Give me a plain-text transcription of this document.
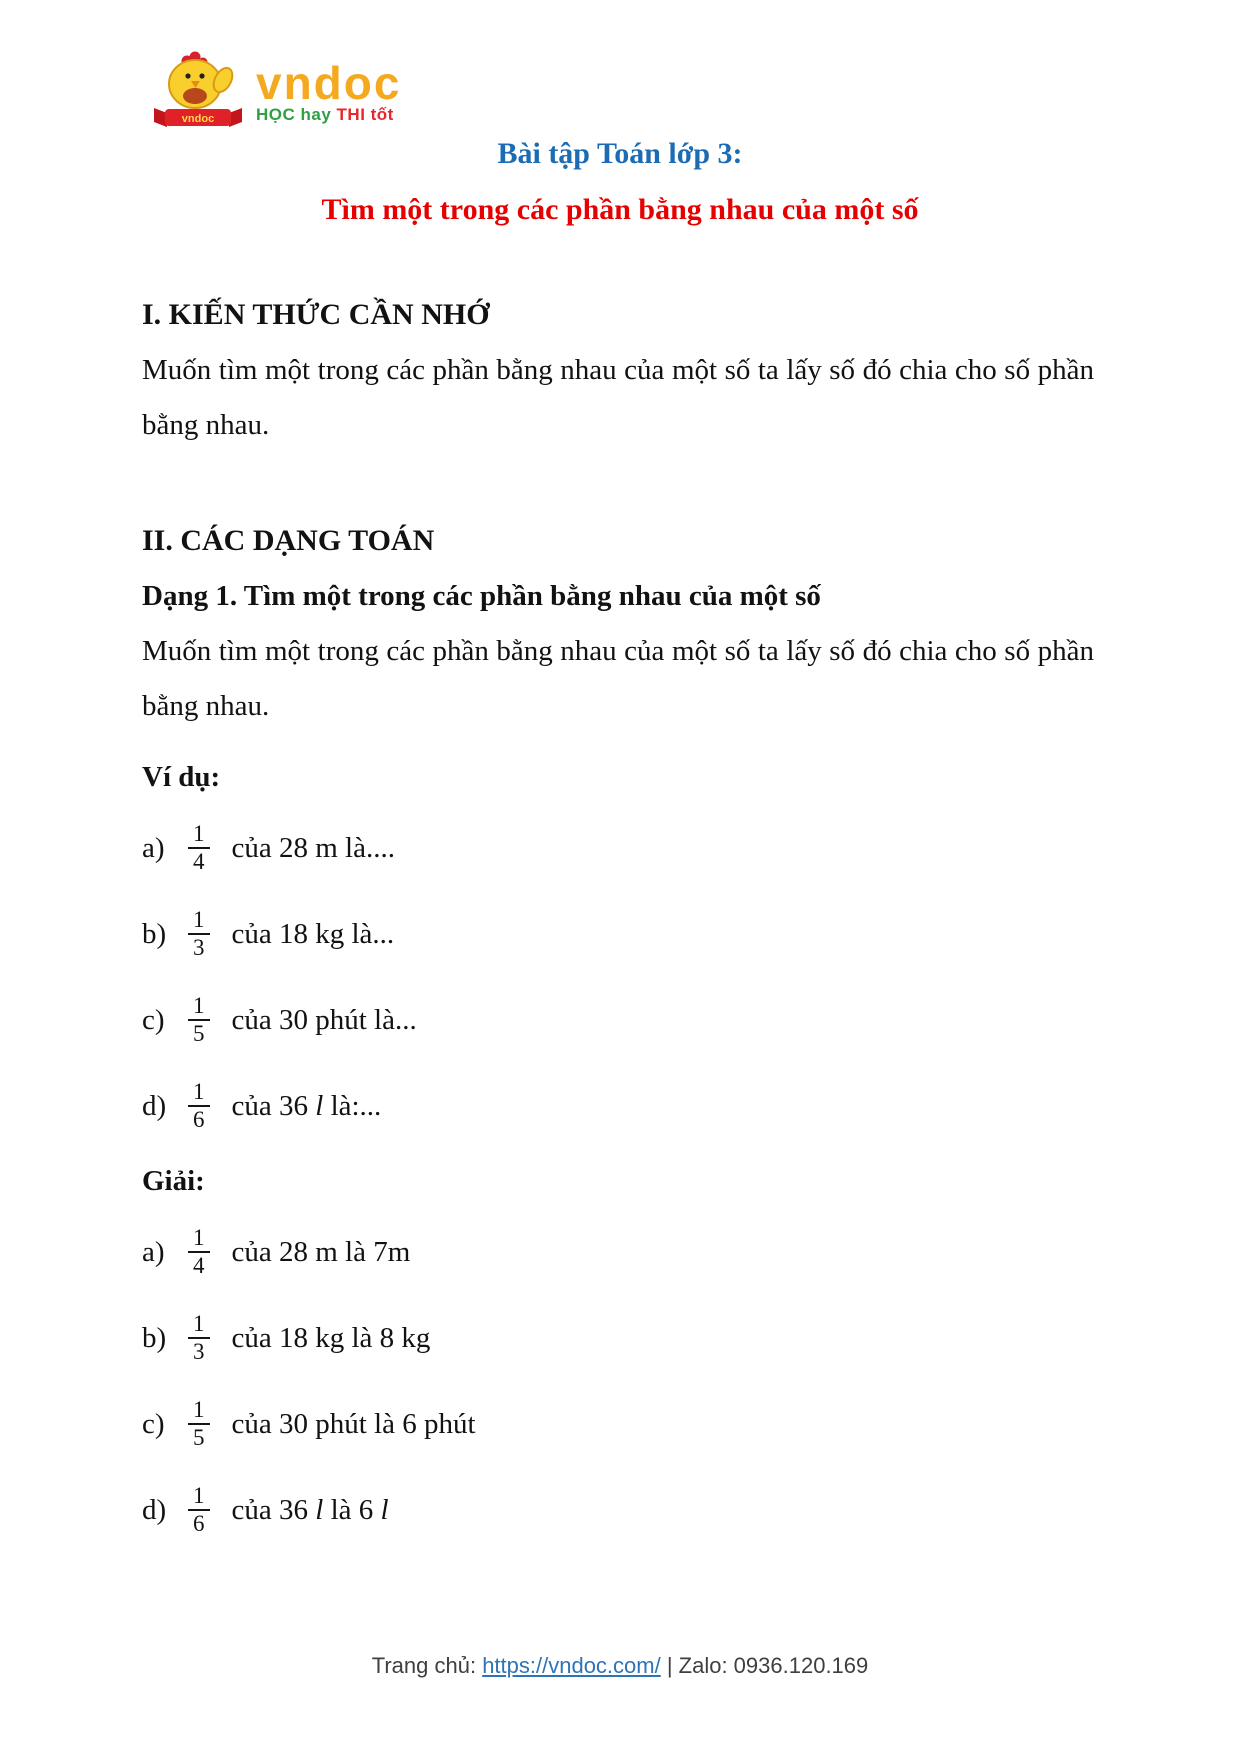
vndoc
vndoc
HỌC hay THI tốt
Bài tập Toán lớp 3:
Tìm một trong các phần bằng nhau của một số
I. KIẾN THỨC CẦN NHỚ

Muốn tìm một trong các phần bằng nhau của một số ta lấy số đó chia cho số phần bằng nhau.

II. CÁC DẠNG TOÁN
Dạng 1. Tìm một trong các phần bằng nhau của một số

Muốn tìm một trong các phần bằng nhau của một số ta lấy số đó chia cho số phần bằng nhau.

Ví dụ:
a)	$\frac{1}{4}$ của 28 m là....
$b) \frac{1}{3}$ của 18 kg là...
c)	$\frac{1}{5}$ của 30 phút là...
$d) \frac{1}{6}$ của 36 l là:...
Giải:
a)	$\frac{1}{4}$ của 28 m là 7m
$b) \frac{1}{3}$ của 18 kg là 8 kg
c)	$\frac{1}{5}$ của 30 phút là 6 phút
$d) \frac{1}{6}$ của 36 l là 6 l
Trang chủ: https://vndoc.com/ | Zalo: 0936.120.169
